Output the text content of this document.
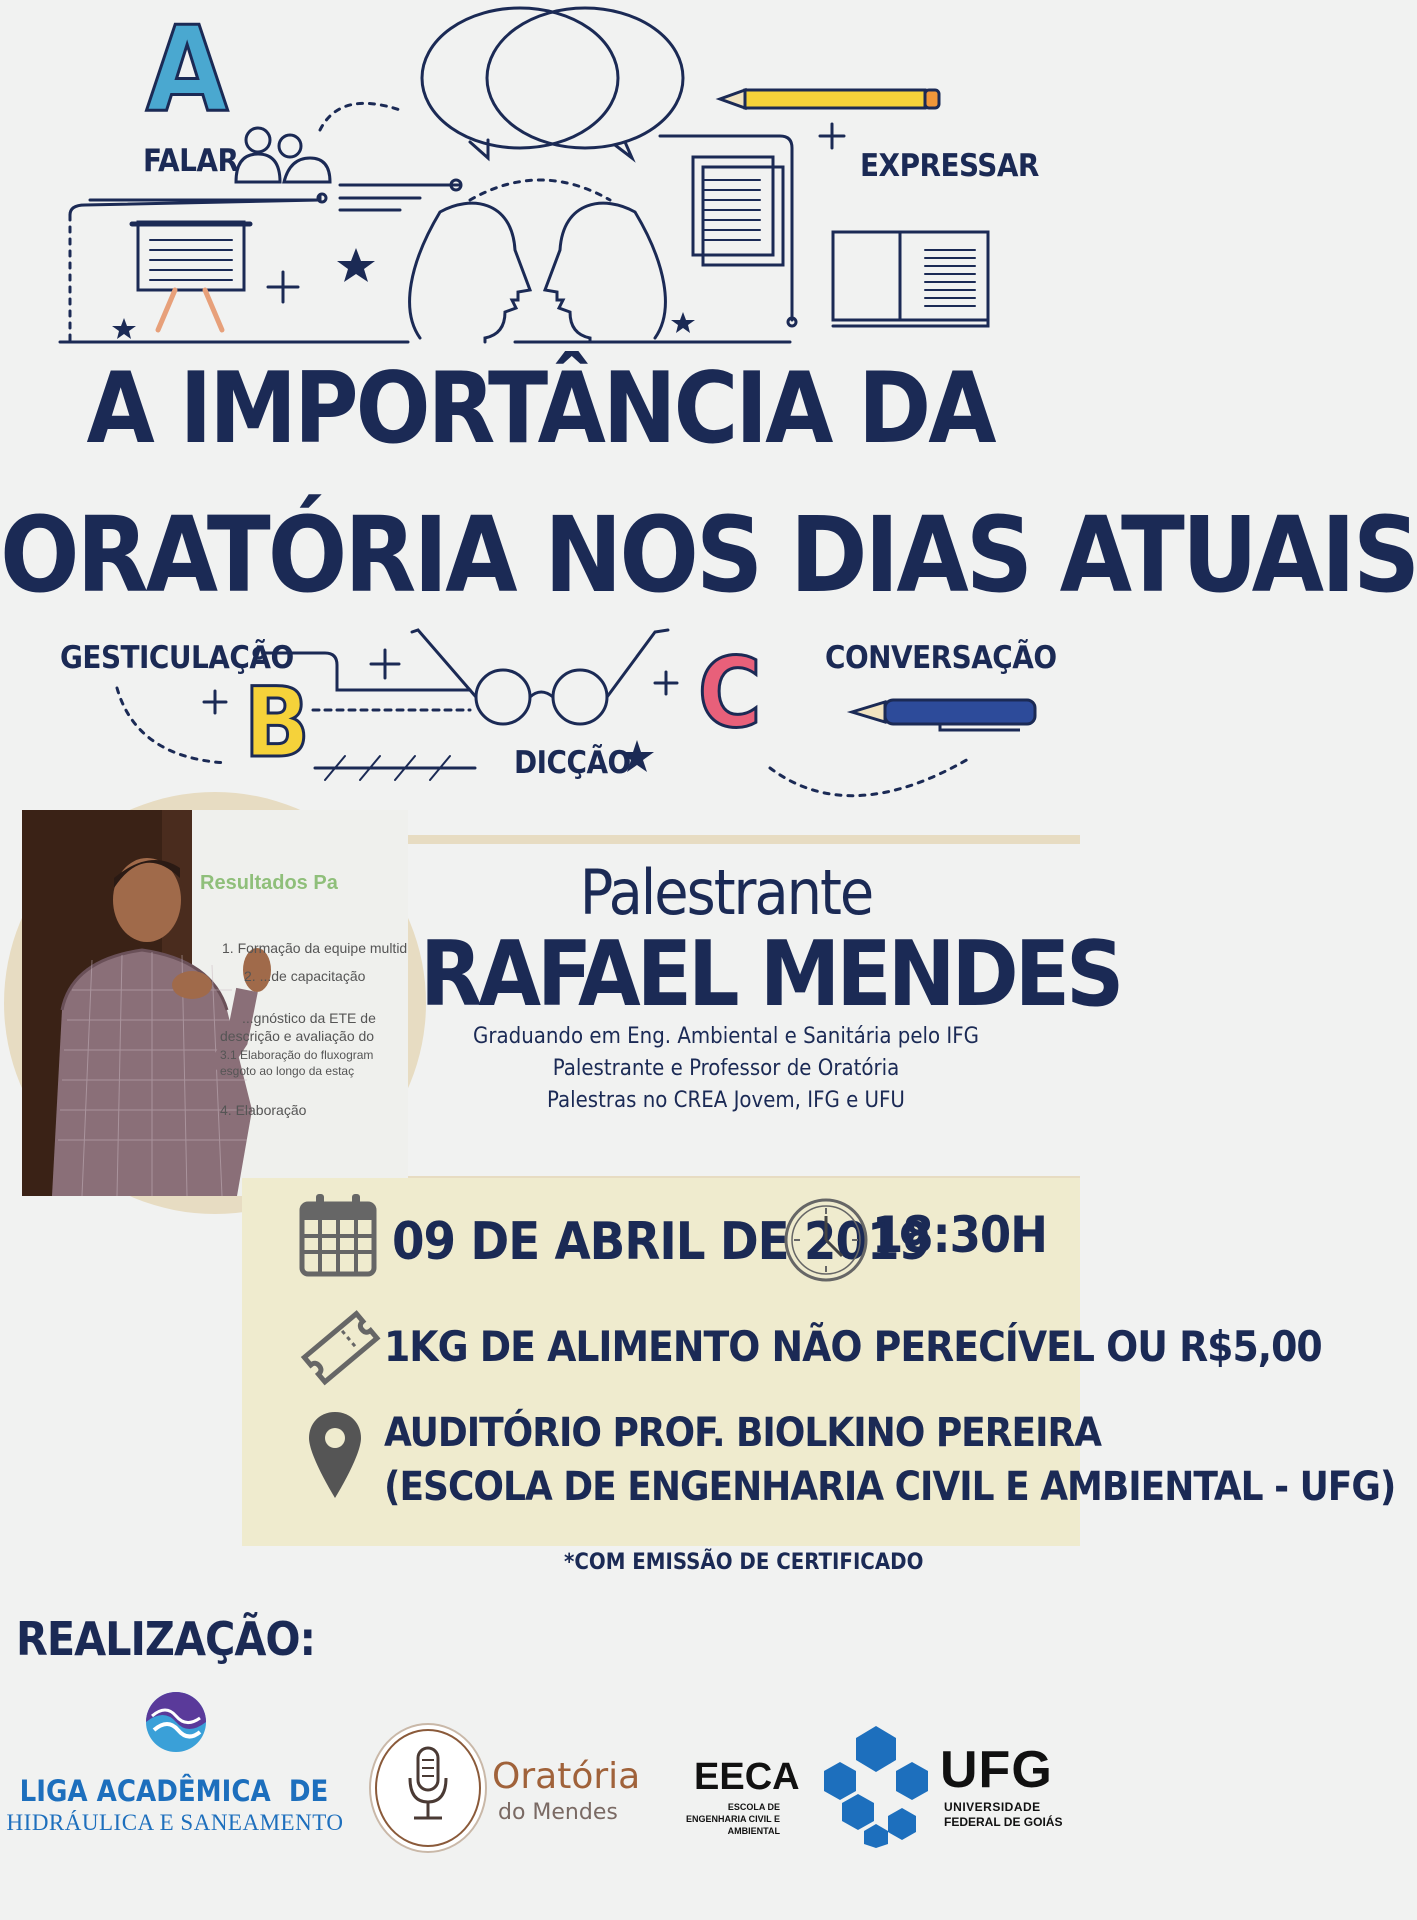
A
FALAR	EXPRESSAR
A IMPORTÂNCIA DA
ORATÓRIA NOS DIAS ATUAIS
GESTICULAÇÃO	CONVERSAÇÃO
DICÇÃO
B	C
Resultados Pa
1. Formação da equipe multid
2. ...de capacitação
...gnóstico da ETE de
descrição e avaliação do
3.1 Elaboração do fluxogram
esgoto ao longo da estaç
4. Elaboração
Palestrante
RAFAEL MENDES
Graduando em Eng. Ambiental e Sanitária pelo IFG
Palestrante e Professor de Oratória
Palestras no CREA Jovem, IFG e UFU
09 DE ABRIL DE 2019
18:30H
1KG DE ALIMENTO NÃO PERECÍVEL OU R$5,00
AUDITÓRIO PROF. BIOLKINO PEREIRA
(ESCOLA DE ENGENHARIA CIVIL E AMBIENTAL - UFG)
*COM EMISSÃO DE CERTIFICADO
REALIZAÇÃO:
LIGA ACADÊMICA  DE
HIDRÁULICA E SANEAMENTO
Oratória
do Mendes
EECA
ESCOLA DE
ENGENHARIA CIVIL E
AMBIENTAL
UFG
UNIVERSIDADE
FEDERAL DE GOIÁS
